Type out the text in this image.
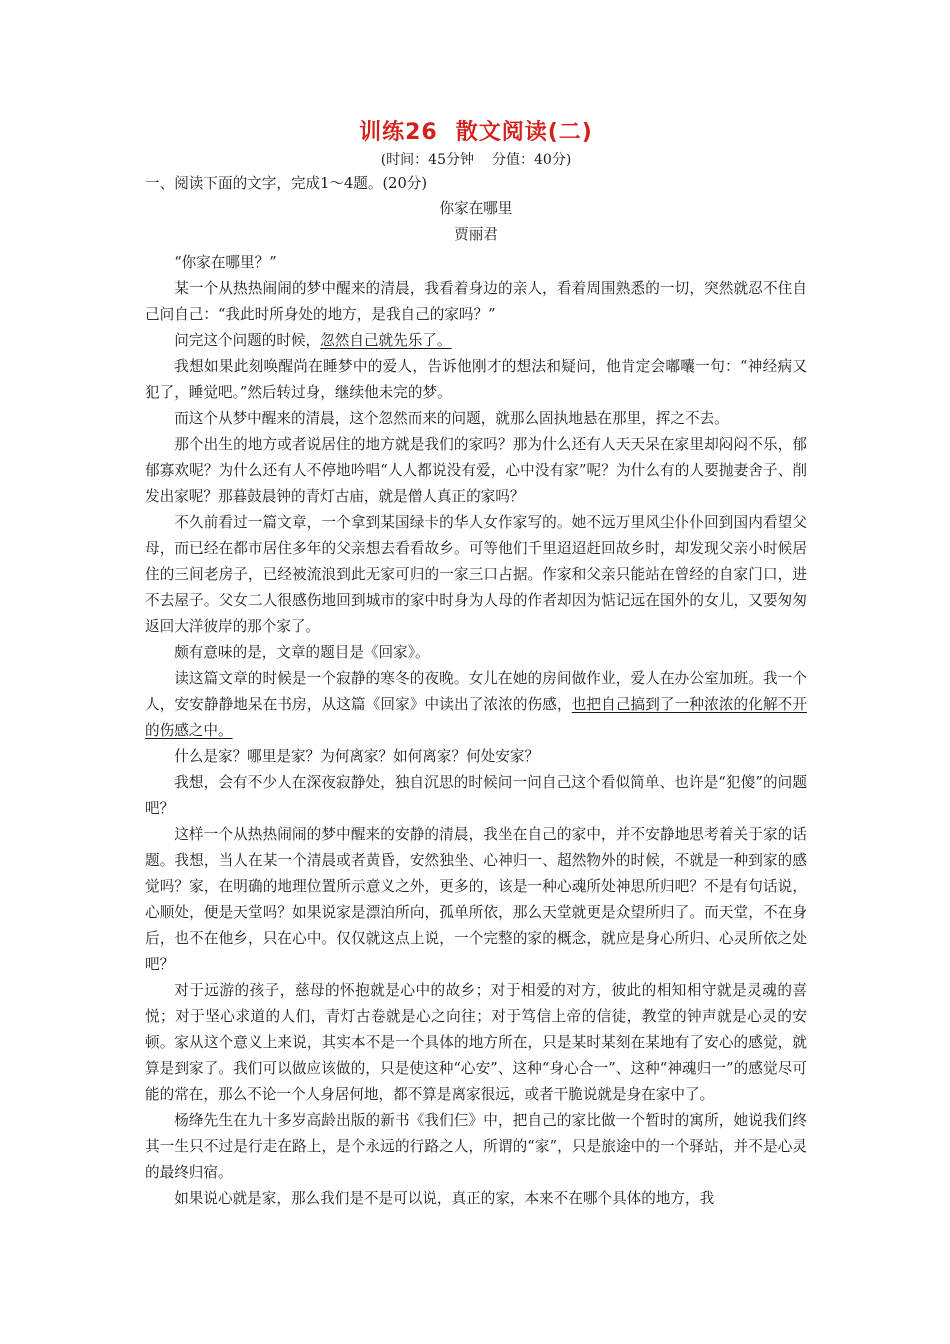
训练26 散文阅读(二)
(时间：45分钟 分值：40分)
一、阅读下面的文字，完成1～4题。(20分)
你家在哪里
贾丽君

“你家在哪里？”

某一个从热热闹闹的梦中醒来的清晨，我看着身边的亲人，看着周围熟悉的一切，突然就忍不住自己问自己：“我此时所身处的地方，是我自己的家吗？”

问完这个问题的时候，忽然自己就先乐了。

我想如果此刻唤醒尚在睡梦中的爱人，告诉他刚才的想法和疑问，他肯定会嘟囔一句：“神经病又犯了，睡觉吧。”然后转过身，继续他未完的梦。

而这个从梦中醒来的清晨，这个忽然而来的问题，就那么固执地悬在那里，挥之不去。

那个出生的地方或者说居住的地方就是我们的家吗？那为什么还有人天天呆在家里却闷闷不乐，郁郁寡欢呢？为什么还有人不停地吟唱“人人都说没有爱，心中没有家”呢？为什么有的人要抛妻舍子、削发出家呢？那暮鼓晨钟的青灯古庙，就是僧人真正的家吗？

不久前看过一篇文章，一个拿到某国绿卡的华人女作家写的。她不远万里风尘仆仆回到国内看望父母，而已经在都市居住多年的父亲想去看看故乡。可等他们千里迢迢赶回故乡时，却发现父亲小时候居住的三间老房子，已经被流浪到此无家可归的一家三口占据。作家和父亲只能站在曾经的自家门口，进不去屋子。父女二人很感伤地回到城市的家中时身为人母的作者却因为惦记远在国外的女儿，又要匆匆返回大洋彼岸的那个家了。

颇有意味的是，文章的题目是《回家》。

读这篇文章的时候是一个寂静的寒冬的夜晚。女儿在她的房间做作业，爱人在办公室加班。我一个人，安安静静地呆在书房，从这篇《回家》中读出了浓浓的伤感，也把自己搞到了一种浓浓的化解不开的伤感之中。

什么是家？哪里是家？为何离家？如何离家？何处安家？

我想，会有不少人在深夜寂静处，独自沉思的时候问一问自己这个看似简单、也许是“犯傻”的问题吧？

这样一个从热热闹闹的梦中醒来的安静的清晨，我坐在自己的家中，并不安静地思考着关于家的话题。我想，当人在某一个清晨或者黄昏，安然独坐、心神归一、超然物外的时候，不就是一种到家的感觉吗？家，在明确的地理位置所示意义之外，更多的，该是一种心魂所处神思所归吧？不是有句话说，心顺处，便是天堂吗？如果说家是漂泊所向，孤单所依，那么天堂就更是众望所归了。而天堂，不在身后，也不在他乡，只在心中。仅仅就这点上说，一个完整的家的概念，就应是身心所归、心灵所依之处吧？

对于远游的孩子，慈母的怀抱就是心中的故乡；对于相爱的对方，彼此的相知相守就是灵魂的喜悦；对于坚心求道的人们，青灯古卷就是心之向往；对于笃信上帝的信徒，教堂的钟声就是心灵的安顿。家从这个意义上来说，其实本不是一个具体的地方所在，只是某时某刻在某地有了安心的感觉，就算是到家了。我们可以做应该做的，只是使这种“心安”、这种“身心合一”、这种“神魂归一”的感觉尽可能的常在，那么不论一个人身居何地，都不算是离家很远，或者干脆说就是身在家中了。

杨绛先生在九十多岁高龄出版的新书《我们仨》中，把自己的家比做一个暂时的寓所，她说我们终其一生只不过是行走在路上，是个永远的行路之人，所谓的“家”，只是旅途中的一个驿站，并不是心灵的最终归宿。

如果说心就是家，那么我们是不是可以说，真正的家，本来不在哪个具体的地方，我
